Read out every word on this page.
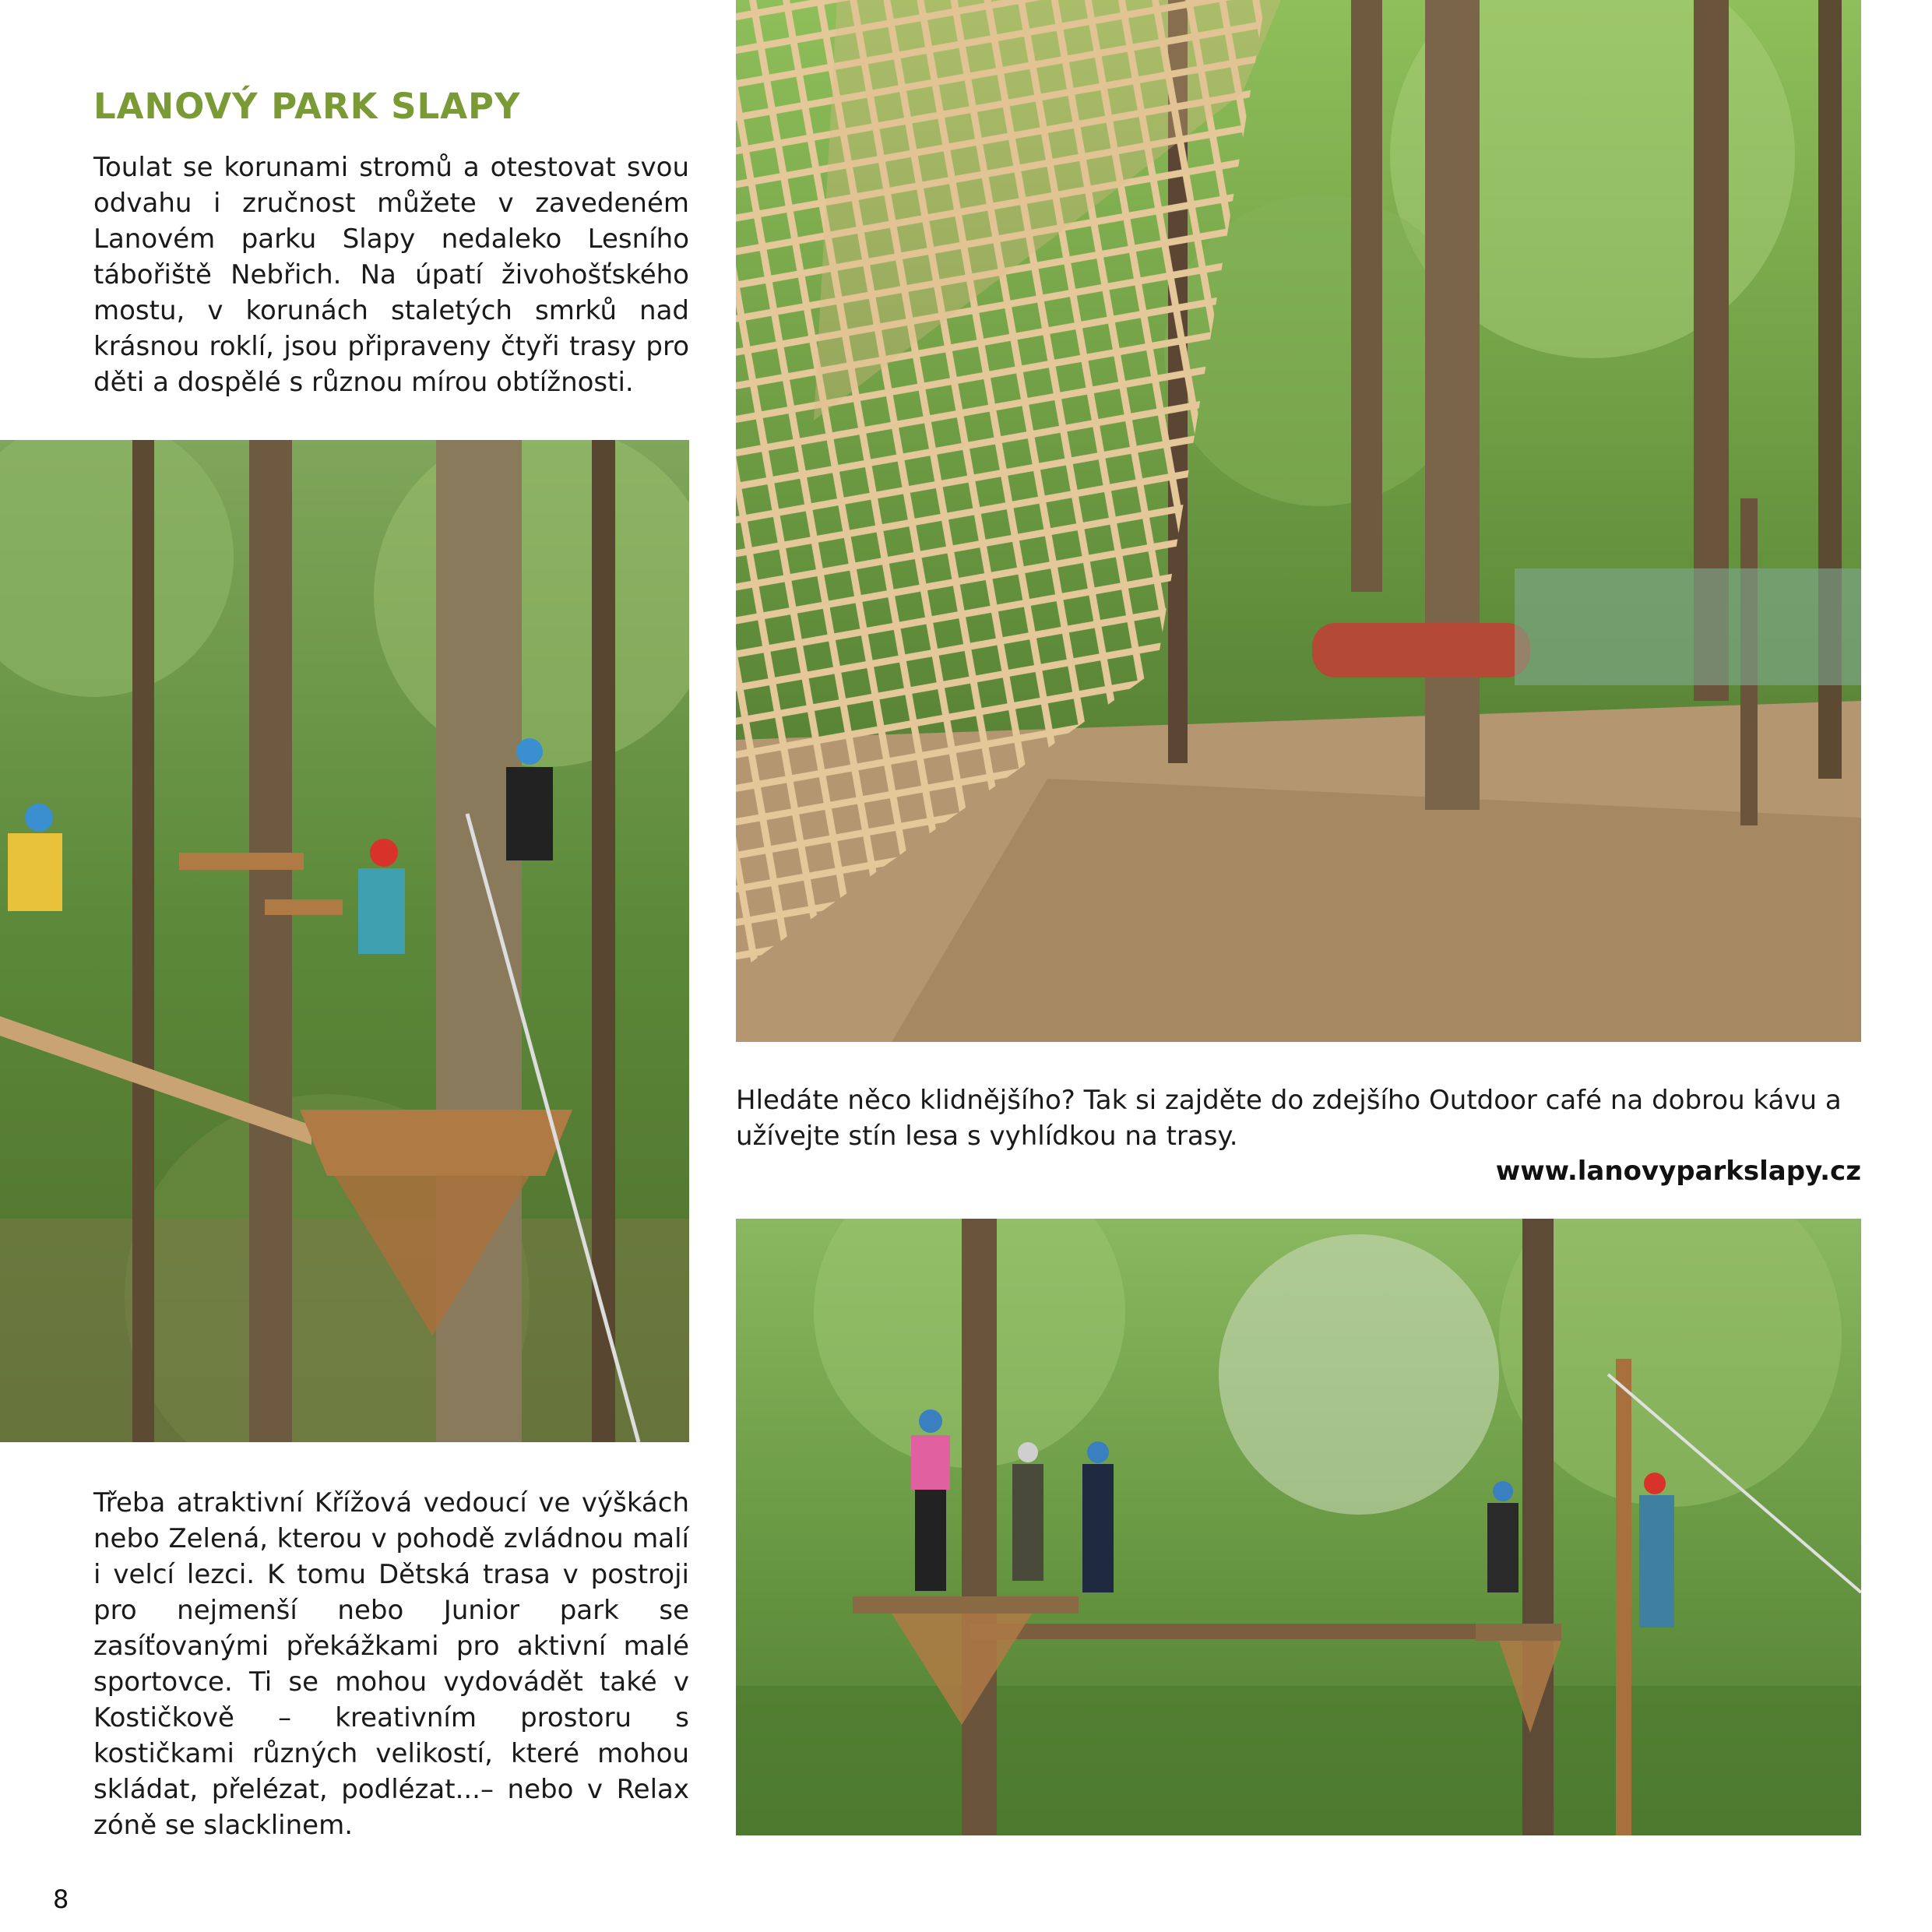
LANOVÝ PARK SLAPY

Toulat se korunami stromů a otestovat svou odvahu i zručnost můžete v zavedeném Lanovém parku Slapy nedaleko Lesního tábořiště Nebřich. Na úpatí živohošťského mostu, v korunách staletých smrků nad krásnou roklí, jsou připraveny čtyři trasy pro děti a dospělé s různou mírou obtížnosti.

Hledáte něco klidnějšího? Tak si zajděte do zdejšího Outdoor café na dobrou kávu a užívejte stín lesa s vyhlídkou na trasy.

www.lanovyparkslapy.cz

Třeba atraktivní Křížová vedoucí ve výškách nebo Zelená, kterou v pohodě zvládnou malí i velcí lezci. K tomu Dětská trasa v postroji pro nejmenší nebo Junior park se zasíťovanými překážkami pro aktivní malé sportovce. Ti se mohou vydovádět také v Kostičkově – kreativním prostoru s kostičkami různých velikostí, které mohou skládat, přelézat, podlézat...– nebo v Relax zóně se slacklinem.

8
